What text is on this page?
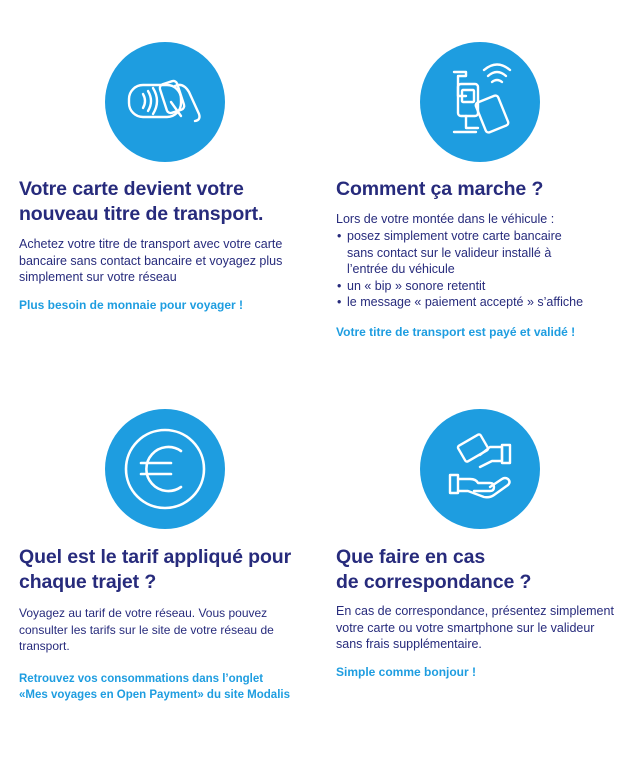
Votre carte devient votre
nouveau titre de transport.

Achetez votre titre de transport avec votre carte bancaire sans contact bancaire et voyagez plus simplement sur votre réseau

Plus besoin de monnaie pour voyager !

Comment ça marche ?

Lors de votre montée dans le véhicule :

• posez simplement votre carte bancaire sans contact sur le valideur installé à l’entrée du véhicule
• un « bip » sonore retentit
• le message « paiement accepté » s’affiche

Votre titre de transport est payé et validé !

Quel est le tarif appliqué pour
chaque trajet ?

Voyagez au tarif de votre réseau. Vous pouvez consulter les tarifs sur le site de votre réseau de transport.

Retrouvez vos consommations dans l’onglet
«Mes voyages en Open Payment» du site Modalis

Que faire en cas
de correspondance ?

En cas de correspondance, présentez simplement votre carte ou votre smartphone sur le valideur sans frais supplémentaire.

Simple comme bonjour !
